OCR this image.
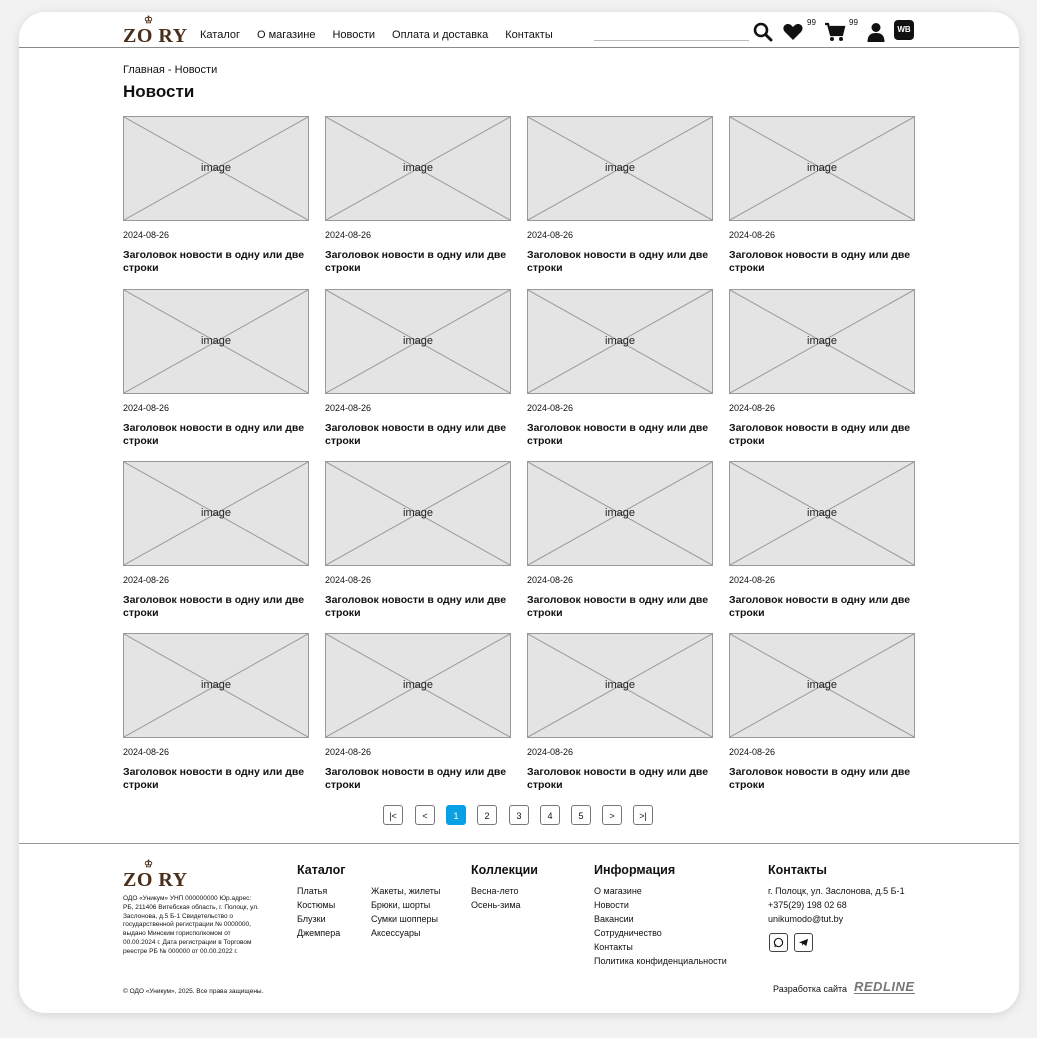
♔
ZO RY Каталог О магазине Новости Оплата и доставка Контакты
99	99
WB
Главная - Новости
Новости
image
2024-08-26
Заголовок новости в одну или две строки
image
2024-08-26
Заголовок новости в одну или две строки
image
2024-08-26
Заголовок новости в одну или две строки
image
2024-08-26
Заголовок новости в одну или две строки
image
2024-08-26
Заголовок новости в одну или две строки
image
2024-08-26
Заголовок новости в одну или две строки
image
2024-08-26
Заголовок новости в одну или две строки
image
2024-08-26
Заголовок новости в одну или две строки
image
2024-08-26
Заголовок новости в одну или две строки
image
2024-08-26
Заголовок новости в одну или две строки
image
2024-08-26
Заголовок новости в одну или две строки
image
2024-08-26
Заголовок новости в одну или две строки
image
2024-08-26
Заголовок новости в одну или две строки
image
2024-08-26
Заголовок новости в одну или две строки
image
2024-08-26
Заголовок новости в одну или две строки
image
2024-08-26
Заголовок новости в одну или две строки
|<	<	1	2	3	4	5	>	>|
♔
ZO RY
ОДО «Уникум» УНП 000000000 Юр.адрес: РБ, 211406 Витебская область, г. Полоцк, ул. Заслонова, д.5 Б-1 Свидетельство о государственной регистрации № 0000000, выдано Минским горисполкомом от 00.00.2024 г. Дата регистрации в Торговом реестре РБ № 000000 от 00.00.2022 г.
© ОДО «Уникум», 2025. Все права защищены.
Каталог
Платья
Костюмы
Блузки
Джемпера
Жакеты, жилеты
Брюки, шорты
Сумки шопперы
Аксессуары
Коллекции
Весна-лето
Осень-зима
Информация
О магазине
Новости
Вакансии
Сотрудничество
Контакты
Политика конфиденциальности
Контакты
г. Полоцк, ул. Заслонова, д.5 Б-1
+375(29) 198 02 68
unikumodo@tut.by
Разработка сайта REDLINE
